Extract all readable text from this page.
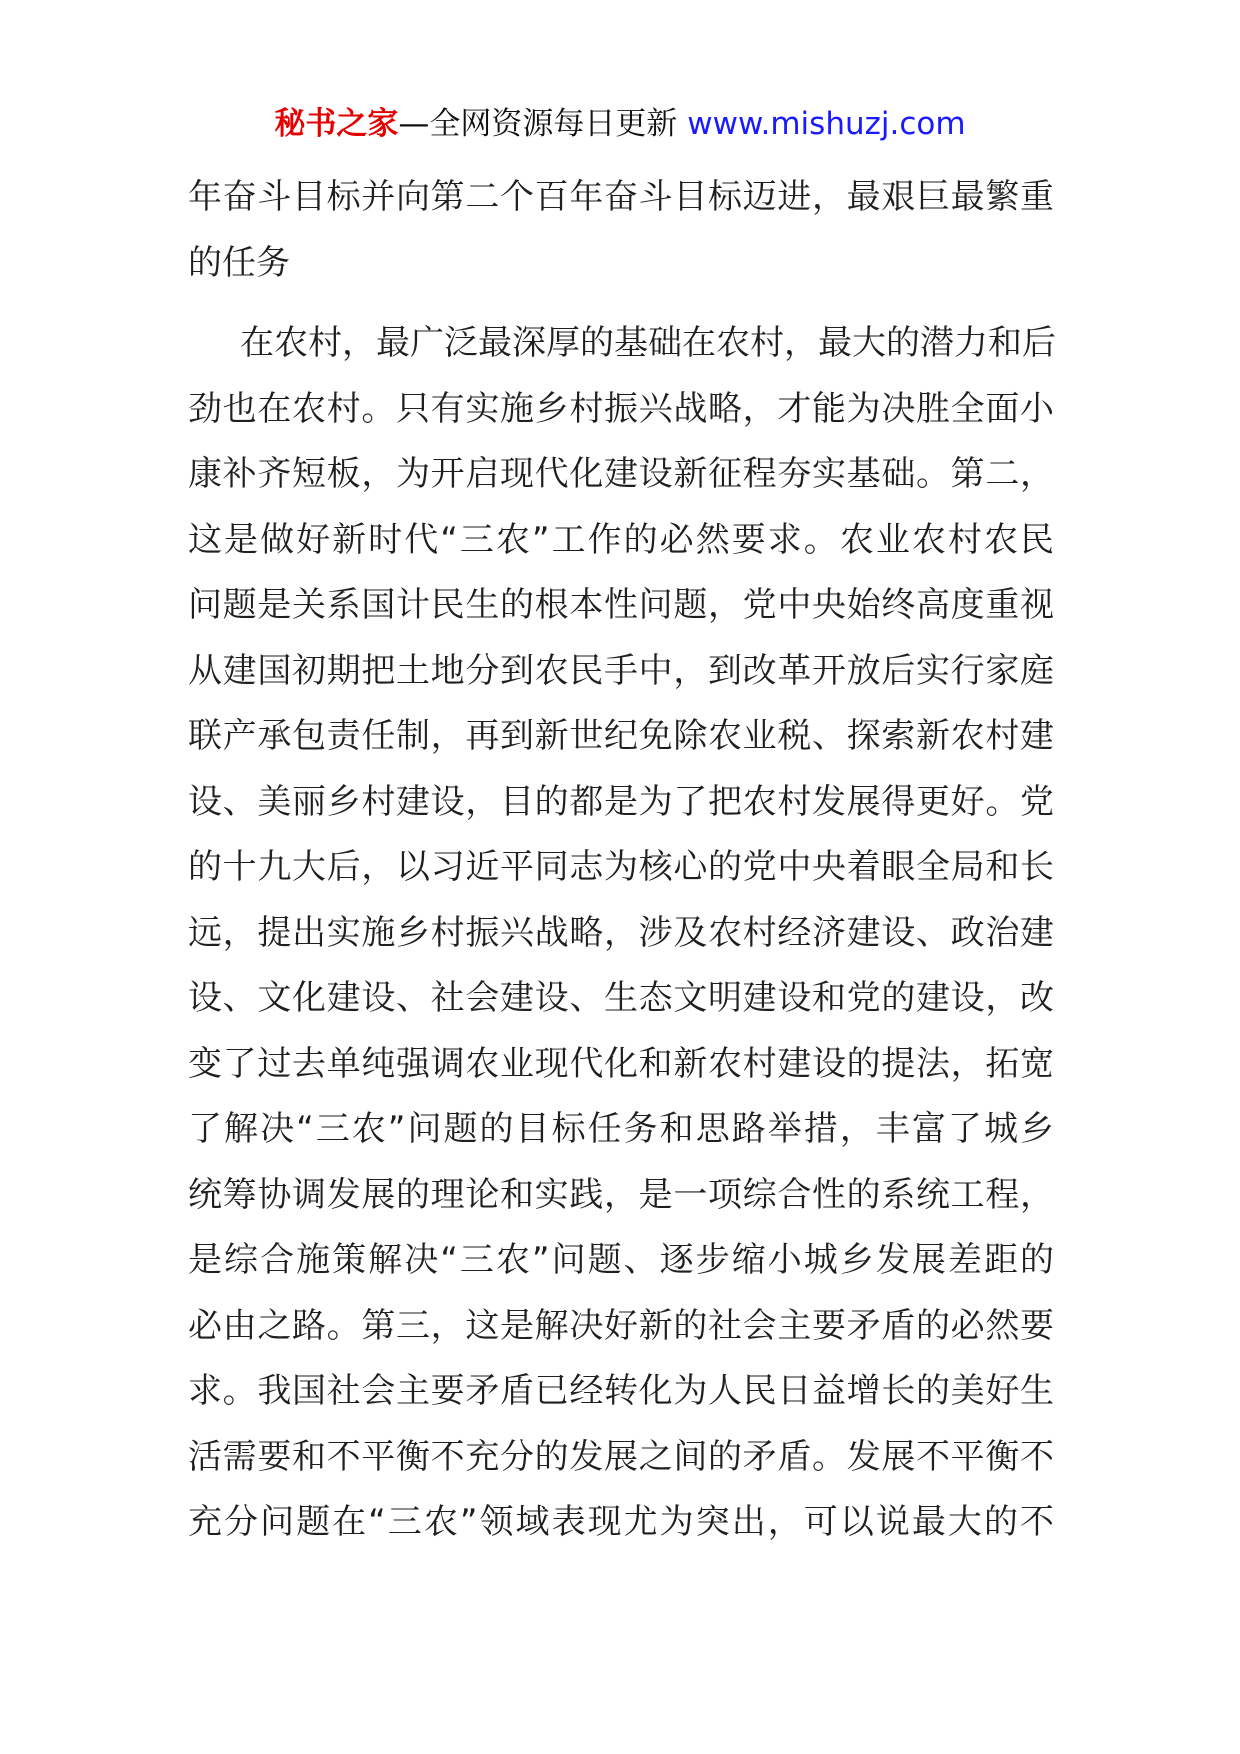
秘书之家—全网资源每日更新 www.mishuzj.com
年奋斗目标并向第二个百年奋斗目标迈进，最艰巨最繁重
的任务
在农村，最广泛最深厚的基础在农村，最大的潜力和后
劲也在农村。只有实施乡村振兴战略，才能为决胜全面小
康补齐短板，为开启现代化建设新征程夯实基础。第二，
这是做好新时代“三农”工作的必然要求。农业农村农民
问题是关系国计民生的根本性问题，党中央始终高度重视
从建国初期把土地分到农民手中，到改革开放后实行家庭
联产承包责任制，再到新世纪免除农业税、探索新农村建
设、美丽乡村建设，目的都是为了把农村发展得更好。党
的十九大后，以习近平同志为核心的党中央着眼全局和长
远，提出实施乡村振兴战略，涉及农村经济建设、政治建
设、文化建设、社会建设、生态文明建设和党的建设，改
变了过去单纯强调农业现代化和新农村建设的提法，拓宽
了解决“三农”问题的目标任务和思路举措，丰富了城乡
统筹协调发展的理论和实践，是一项综合性的系统工程，
是综合施策解决“三农”问题、逐步缩小城乡发展差距的
必由之路。第三，这是解决好新的社会主要矛盾的必然要
求。我国社会主要矛盾已经转化为人民日益增长的美好生
活需要和不平衡不充分的发展之间的矛盾。发展不平衡不
充分问题在“三农”领域表现尤为突出，可以说最大的不
